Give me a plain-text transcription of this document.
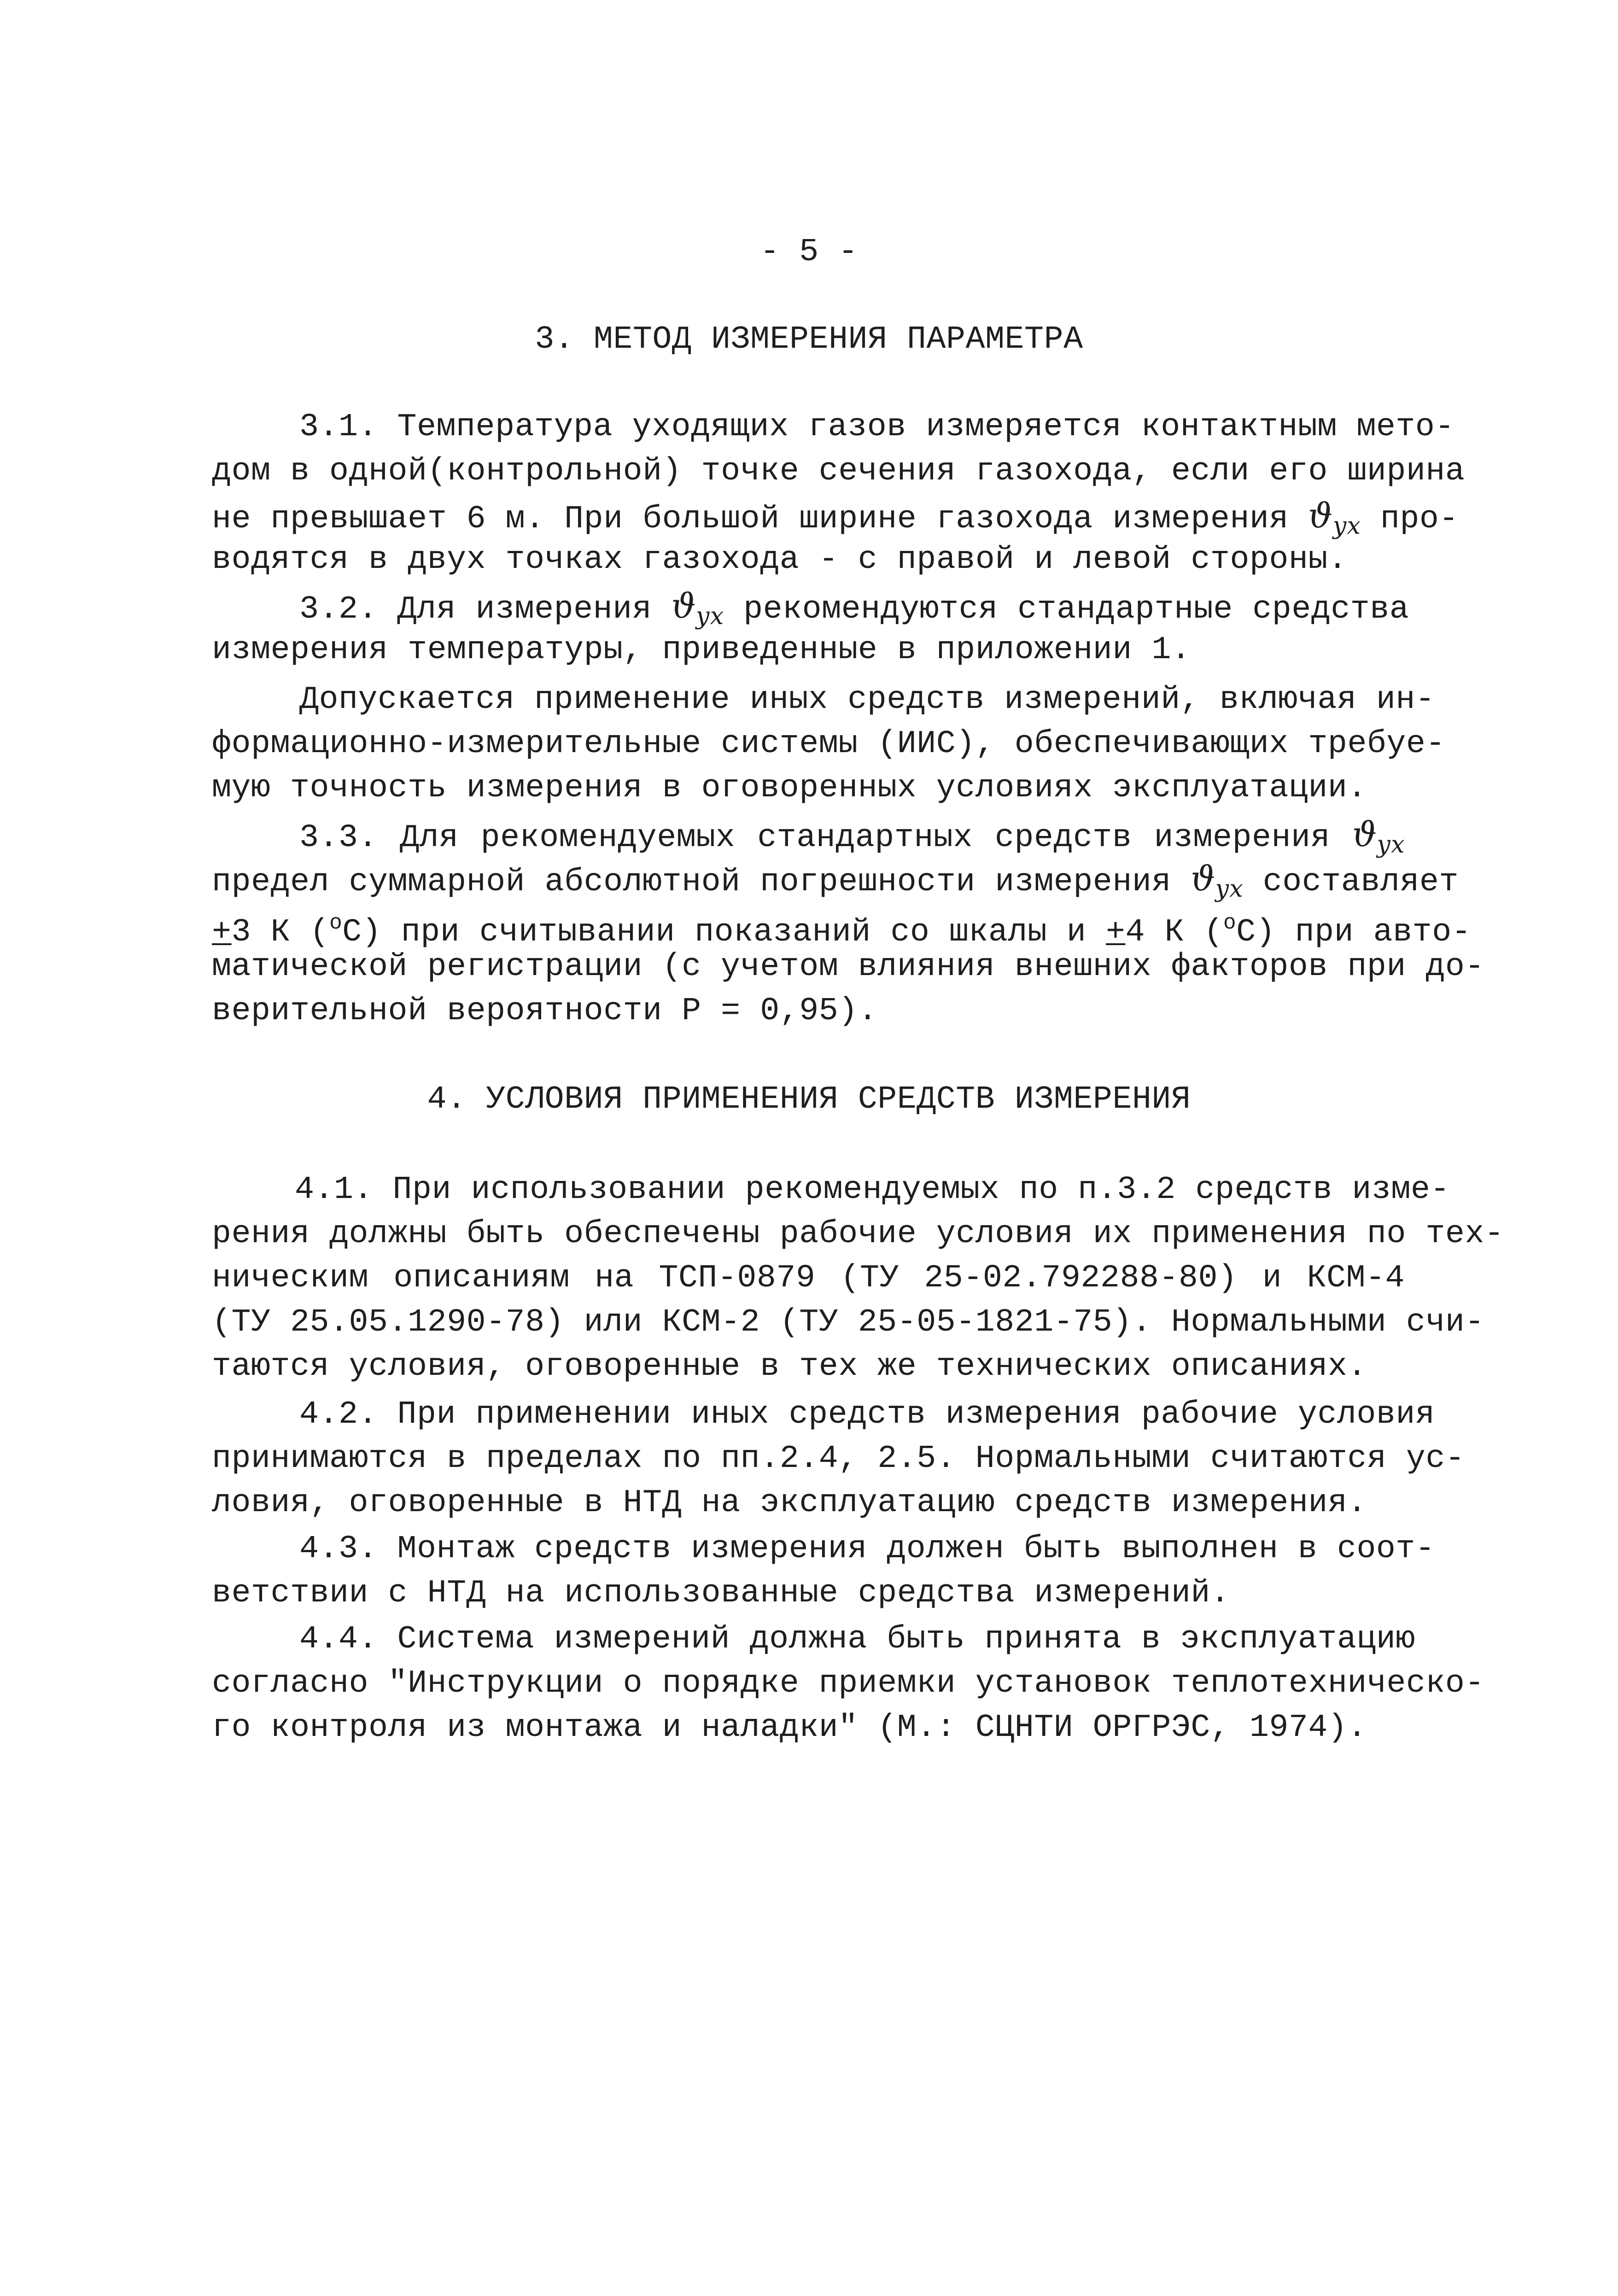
- 5 -
3. МЕТОД ИЗМЕРЕНИЯ ПАРАМЕТРА
3.1. Температура уходящих газов измеряется контактным мето-
дом в одной(контрольной) точке сечения газохода, если его ширина
не превышает 6 м. При большой ширине газохода измерения $ϑ_{ух}$ про-
водятся в двух точках газохода - с правой и левой стороны.
3.2. Для измерения $ϑ_{ух}$ рекомендуются стандартные средства
измерения температуры, приведенные в приложении 1.
Допускается применение иных средств измерений, включая ин-
формационно-измерительные системы (ИИС), обеспечивающих требуе-
мую точность измерения в оговоренных условиях эксплуатации.
3.3. Для рекомендуемых стандартных средств измерения $ϑ_{ух}$
предел суммарной абсолютной погрешности измерения $ϑ_{ух}$ составляет
+3 К ($^о$С) при считывании показаний со шкалы и +4 К ($^о$С) при авто-
матической регистрации (с учетом влияния внешних факторов при до-
верительной вероятности Р = 0,95).
4. УСЛОВИЯ ПРИМЕНЕНИЯ СРЕДСТВ ИЗМЕРЕНИЯ
4.1. При использовании рекомендуемых по п.3.2 средств изме-
рения должны быть обеспечены рабочие условия их применения по тех-
ническим описаниям на ТСП-0879 (ТУ 25-02.792288-80) и КСМ-4
(ТУ 25.05.1290-78) или КСМ-2 (ТУ 25-05-1821-75). Нормальными счи-
таются условия, оговоренные в тех же технических описаниях.
4.2. При применении иных средств измерения рабочие условия
принимаются в пределах по пп.2.4, 2.5. Нормальными считаются ус-
ловия, оговоренные в НТД на эксплуатацию средств измерения.
4.3. Монтаж средств измерения должен быть выполнен в соот-
ветствии с НТД на использованные средства измерений.
4.4. Система измерений должна быть принята в эксплуатацию
согласно "Инструкции о порядке приемки установок теплотехническо-
го контроля из монтажа и наладки" (М.: СЦНТИ ОРГРЭС, 1974).
